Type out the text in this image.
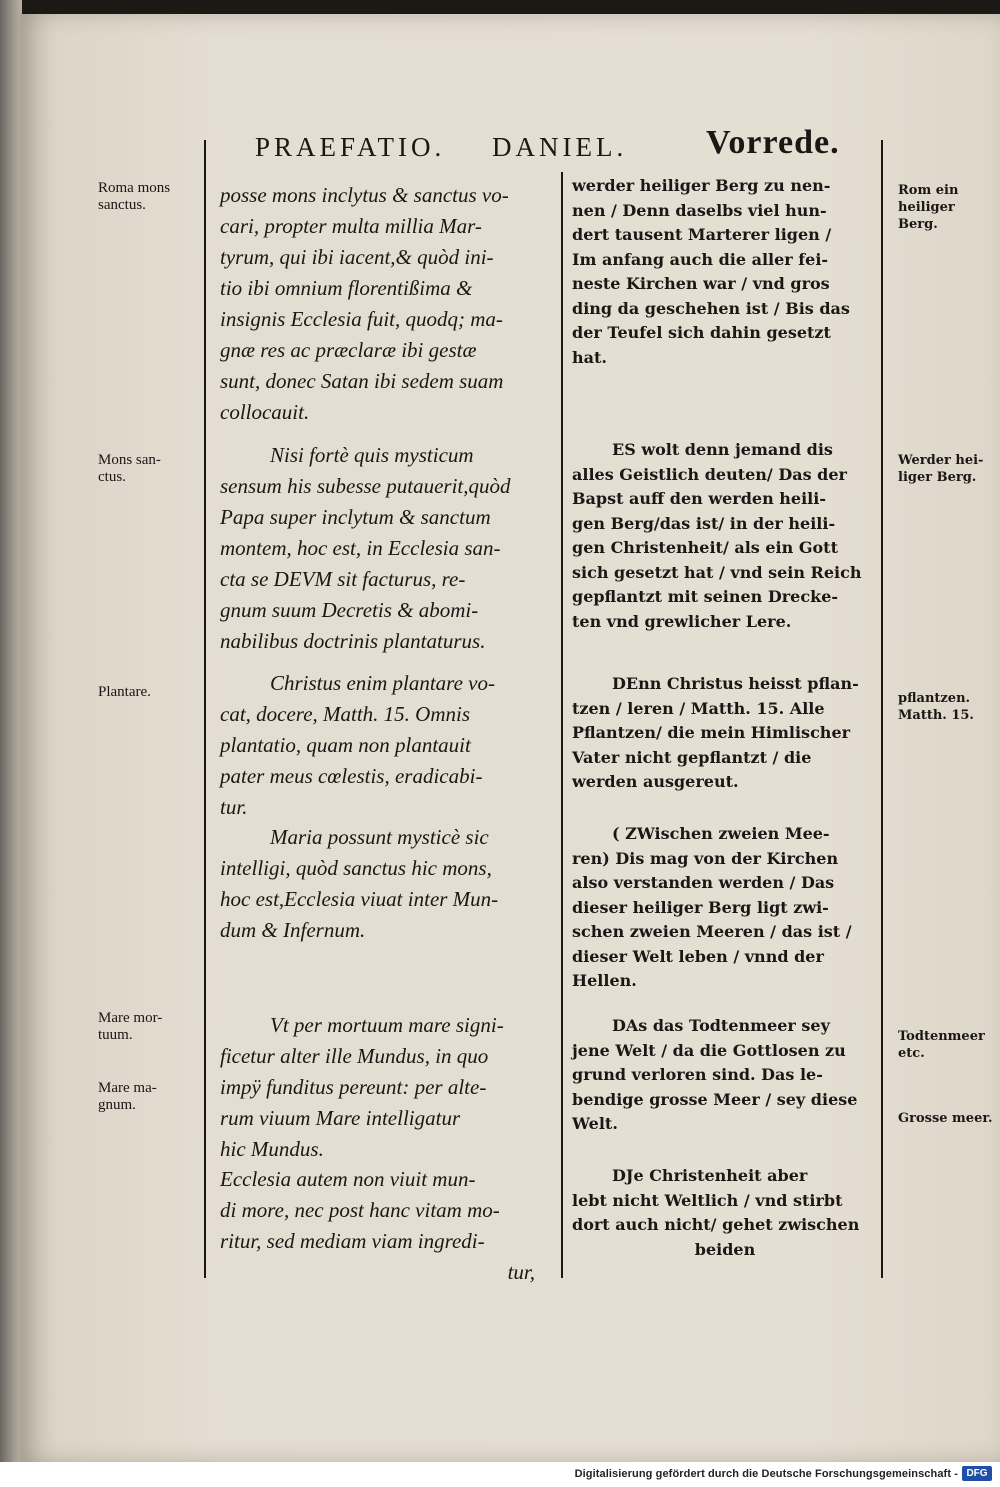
PRAEFATIO. DANIEL. Vorrede.
Roma mons
sanctus.
Mons san-
ctus.
Plantare.
Mare mor-
tuum.
Mare ma-
gnum.
Rom ein
heiliger
Berg.
Werder hei-
liger Berg.
pflantzen.
Matth. 15.
Todtenmeer
etc.
Grosse meer.
posse mons inclytus & sanctus vo-
cari, propter multa millia Mar-
tyrum, qui ibi iacent,& quòd ini-
tio ibi omnium florentißima &
insignis Ecclesia fuit, quodq; ma-
gnæ res ac præclaræ ibi gestæ
sunt, donec Satan ibi sedem suam
collocauit.
Nisi fortè quis mysticum
sensum his subesse putauerit,quòd
Papa super inclytum & sanctum
montem, hoc est, in Ecclesia san-
cta se DEVM sit facturus, re-
gnum suum Decretis & abomi-
nabilibus doctrinis plantaturus.
Christus enim plantare vo-
cat, docere, Matth. 15. Omnis
plantatio, quam non plantauit
pater meus cœlestis, eradicabi-
tur.
Maria possunt mysticè sic
intelligi, quòd sanctus hic mons,
hoc est,Ecclesia viuat inter Mun-
dum & Infernum.
Vt per mortuum mare signi-
ficetur alter ille Mundus, in quo
impÿ funditus pereunt: per alte-
rum viuum Mare intelligatur
hic Mundus.
Ecclesia autem non viuit mun-
di more, nec post hanc vitam mo-
ritur, sed mediam viam ingredi-
tur,
werder heiliger Berg zu nen-
nen / Denn daselbs viel hun-
dert tausent Marterer ligen /
Im anfang auch die aller fei-
neste Kirchen war / vnd gros
ding da geschehen ist / Bis das
der Teufel sich dahin gesetzt
hat.
ES wolt denn jemand dis
alles Geistlich deuten/ Das der
Bapst auff den werden heili-
gen Berg/das ist/ in der heili-
gen Christenheit/ als ein Gott
sich gesetzt hat / vnd sein Reich
gepflantzt mit seinen Drecke-
ten vnd grewlicher Lere.
DEnn Christus heisst pflan-
tzen / leren / Matth. 15. Alle
Pflantzen/ die mein Himlischer
Vater nicht gepflantzt / die
werden ausgereut.
( ZWischen zweien Mee-
ren) Dis mag von der Kirchen
also verstanden werden / Das
dieser heiliger Berg ligt zwi-
schen zweien Meeren / das ist /
dieser Welt leben / vnnd der
Hellen.
DAs das Todtenmeer sey
jene Welt / da die Gottlosen zu
grund verloren sind. Das le-
bendige grosse Meer / sey diese
Welt.
DJe Christenheit aber
lebt nicht Weltlich / vnd stirbt
dort auch nicht/ gehet zwischen
beiden
Digitalisierung gefördert durch die Deutsche Forschungsgemeinschaft - DFG
